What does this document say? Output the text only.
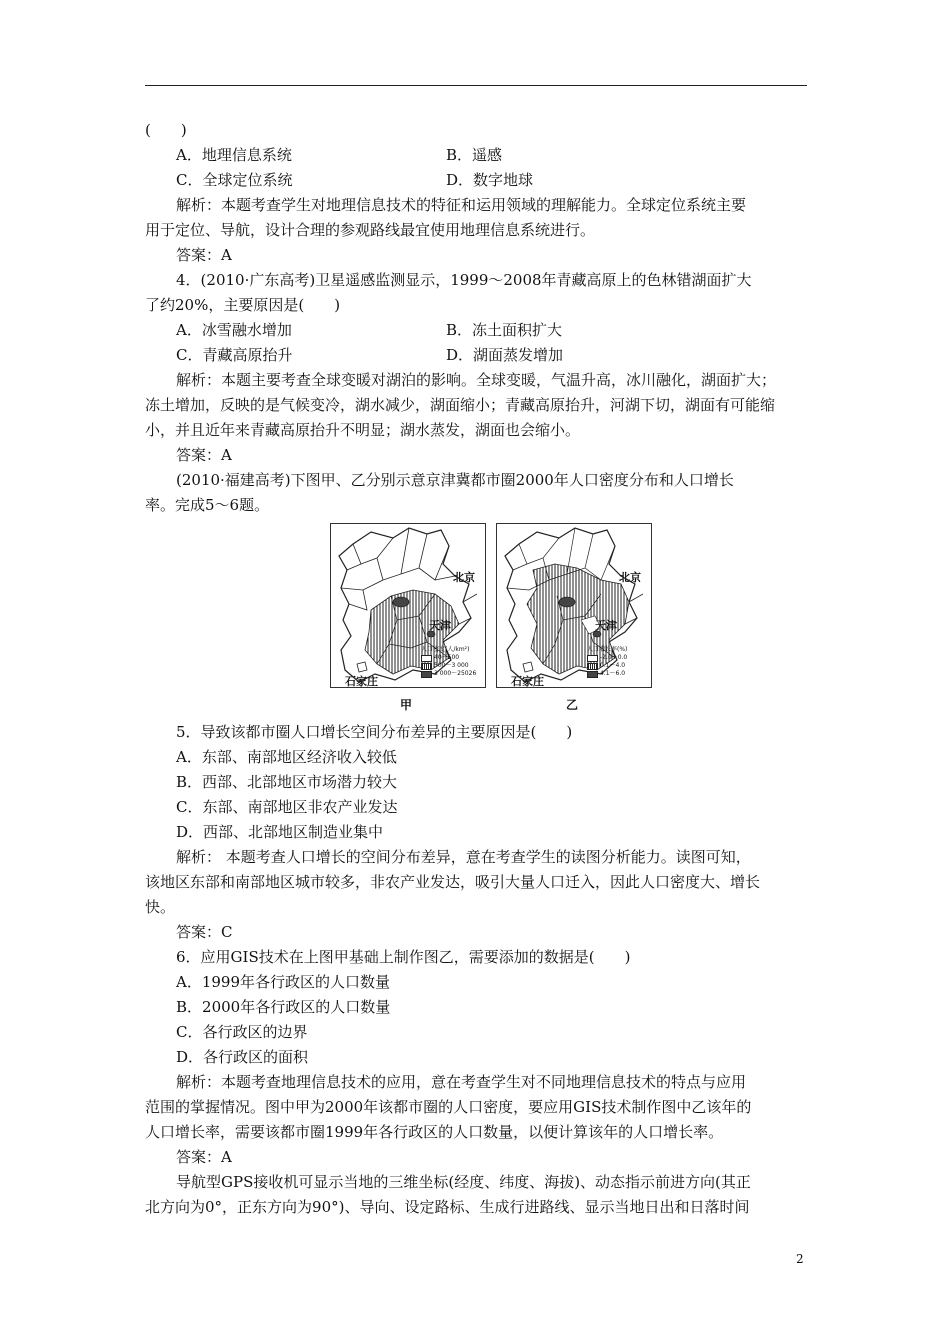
(　　)

A．地理信息系统	B．遥感
C．全球定位系统	D．数字地球

解析：本题考查学生对地理信息技术的特征和运用领域的理解能力。全球定位系统主要

用于定位、导航，设计合理的参观路线最宜使用地理信息系统进行。

答案：A

4．(2010·广东高考)卫星遥感监测显示，1999～2008年青藏高原上的色林错湖面扩大

了约20%，主要原因是(　　)

A．冰雪融水增加	B．冻土面积扩大
C．青藏高原抬升	D．湖面蒸发增加

解析：本题主要考查全球变暖对湖泊的影响。全球变暖，气温升高，冰川融化，湖面扩大；

冻土增加，反映的是气候变冷，湖水减少，湖面缩小；青藏高原抬升，河湖下切，湖面有可能缩

小，并且近年来青藏高原抬升不明显；湖水蒸发，湖面也会缩小。

答案：A

(2010·福建高考)下图甲、乙分别示意京津冀都市圈2000年人口密度分布和人口增长

率。完成5～6题。

北京
天津
石家庄
人口密度(人/km²)
40～500
500～3 000
3 000～25026
甲
北京
天津
石家庄
人口增长率(%)
-2.0～0.0
0.1～4.0
4.1～6.0
乙

5．导致该都市圈人口增长空间分布差异的主要原因是(　　)

A．东部、南部地区经济收入较低

B．西部、北部地区市场潜力较大

C．东部、南部地区非农产业发达

D．西部、北部地区制造业集中

解析： 本题考查人口增长的空间分布差异，意在考查学生的读图分析能力。读图可知，

该地区东部和南部地区城市较多，非农产业发达，吸引大量人口迁入，因此人口密度大、增长

快。

答案：C

6．应用GIS技术在上图甲基础上制作图乙，需要添加的数据是(　　)

A．1999年各行政区的人口数量

B．2000年各行政区的人口数量

C．各行政区的边界

D．各行政区的面积

解析：本题考查地理信息技术的应用，意在考查学生对不同地理信息技术的特点与应用

范围的掌握情况。图中甲为2000年该都市圈的人口密度，要应用GIS技术制作图中乙该年的

人口增长率，需要该都市圈1999年各行政区的人口数量，以便计算该年的人口增长率。

答案：A

导航型GPS接收机可显示当地的三维坐标(经度、纬度、海拔)、动态指示前进方向(其正

北方向为0°，正东方向为90°)、导向、设定路标、生成行进路线、显示当地日出和日落时间

2
